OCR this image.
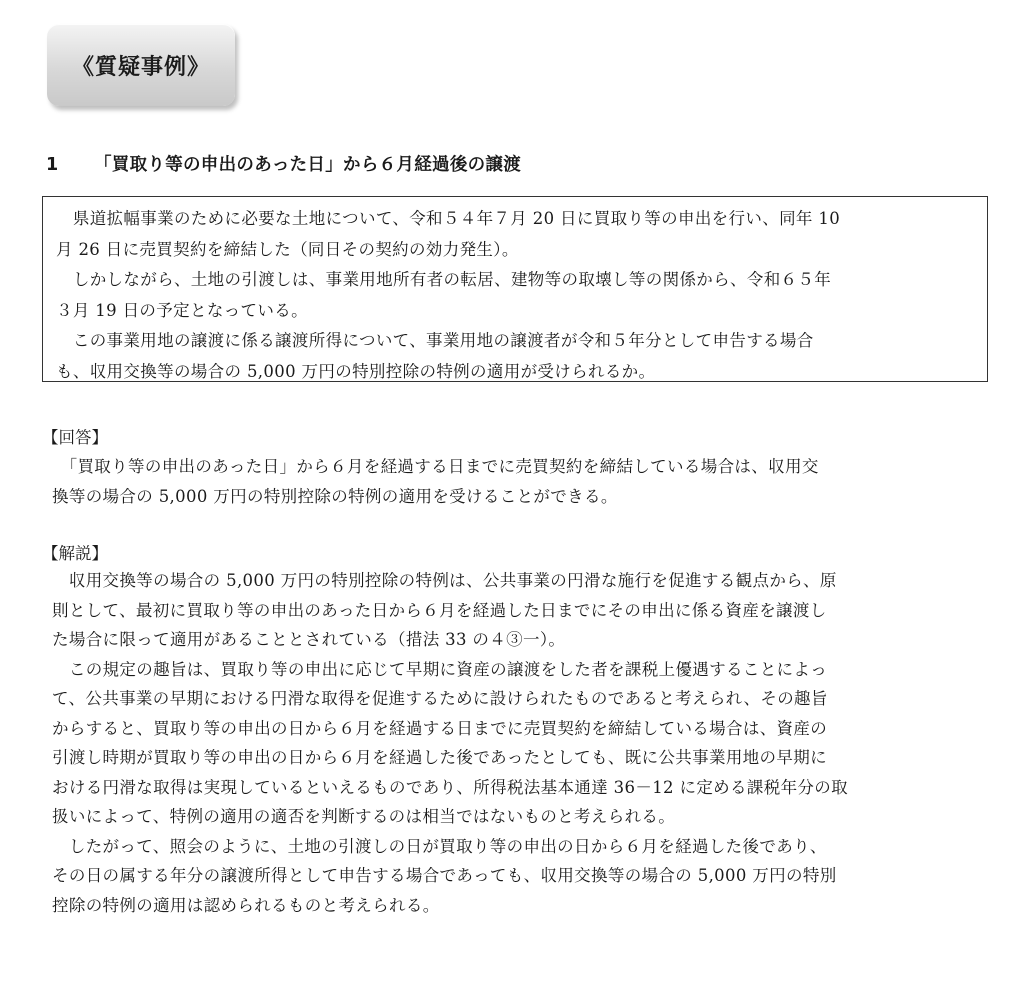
《質疑事例》
1 「買取り等の申出のあった日」から６月経過後の譲渡
　県道拡幅事業のために必要な土地について、令和５４年７月 20 日に買取り等の申出を行い、同年 10
月 26 日に売買契約を締結した（同日その契約の効力発生）。
　しかしながら、土地の引渡しは、事業用地所有者の転居、建物等の取壊し等の関係から、令和６５年
３月 19 日の予定となっている。
　この事業用地の譲渡に係る譲渡所得について、事業用地の譲渡者が令和５年分として申告する場合
も、収用交換等の場合の 5,000 万円の特別控除の特例の適用が受けられるか。
【回答】
　「買取り等の申出のあった日」から６月を経過する日までに売買契約を締結している場合は、収用交
換等の場合の 5,000 万円の特別控除の特例の適用を受けることができる。
【解説】
　収用交換等の場合の 5,000 万円の特別控除の特例は、公共事業の円滑な施行を促進する観点から、原
則として、最初に買取り等の申出のあった日から６月を経過した日までにその申出に係る資産を譲渡し
た場合に限って適用があることとされている（措法 33 の４③一）。
　この規定の趣旨は、買取り等の申出に応じて早期に資産の譲渡をした者を課税上優遇することによっ
て、公共事業の早期における円滑な取得を促進するために設けられたものであると考えられ、その趣旨
からすると、買取り等の申出の日から６月を経過する日までに売買契約を締結している場合は、資産の
引渡し時期が買取り等の申出の日から６月を経過した後であったとしても、既に公共事業用地の早期に
おける円滑な取得は実現しているといえるものであり、所得税法基本通達 36－12 に定める課税年分の取
扱いによって、特例の適用の適否を判断するのは相当ではないものと考えられる。
　したがって、照会のように、土地の引渡しの日が買取り等の申出の日から６月を経過した後であり、
その日の属する年分の譲渡所得として申告する場合であっても、収用交換等の場合の 5,000 万円の特別
控除の特例の適用は認められるものと考えられる。
